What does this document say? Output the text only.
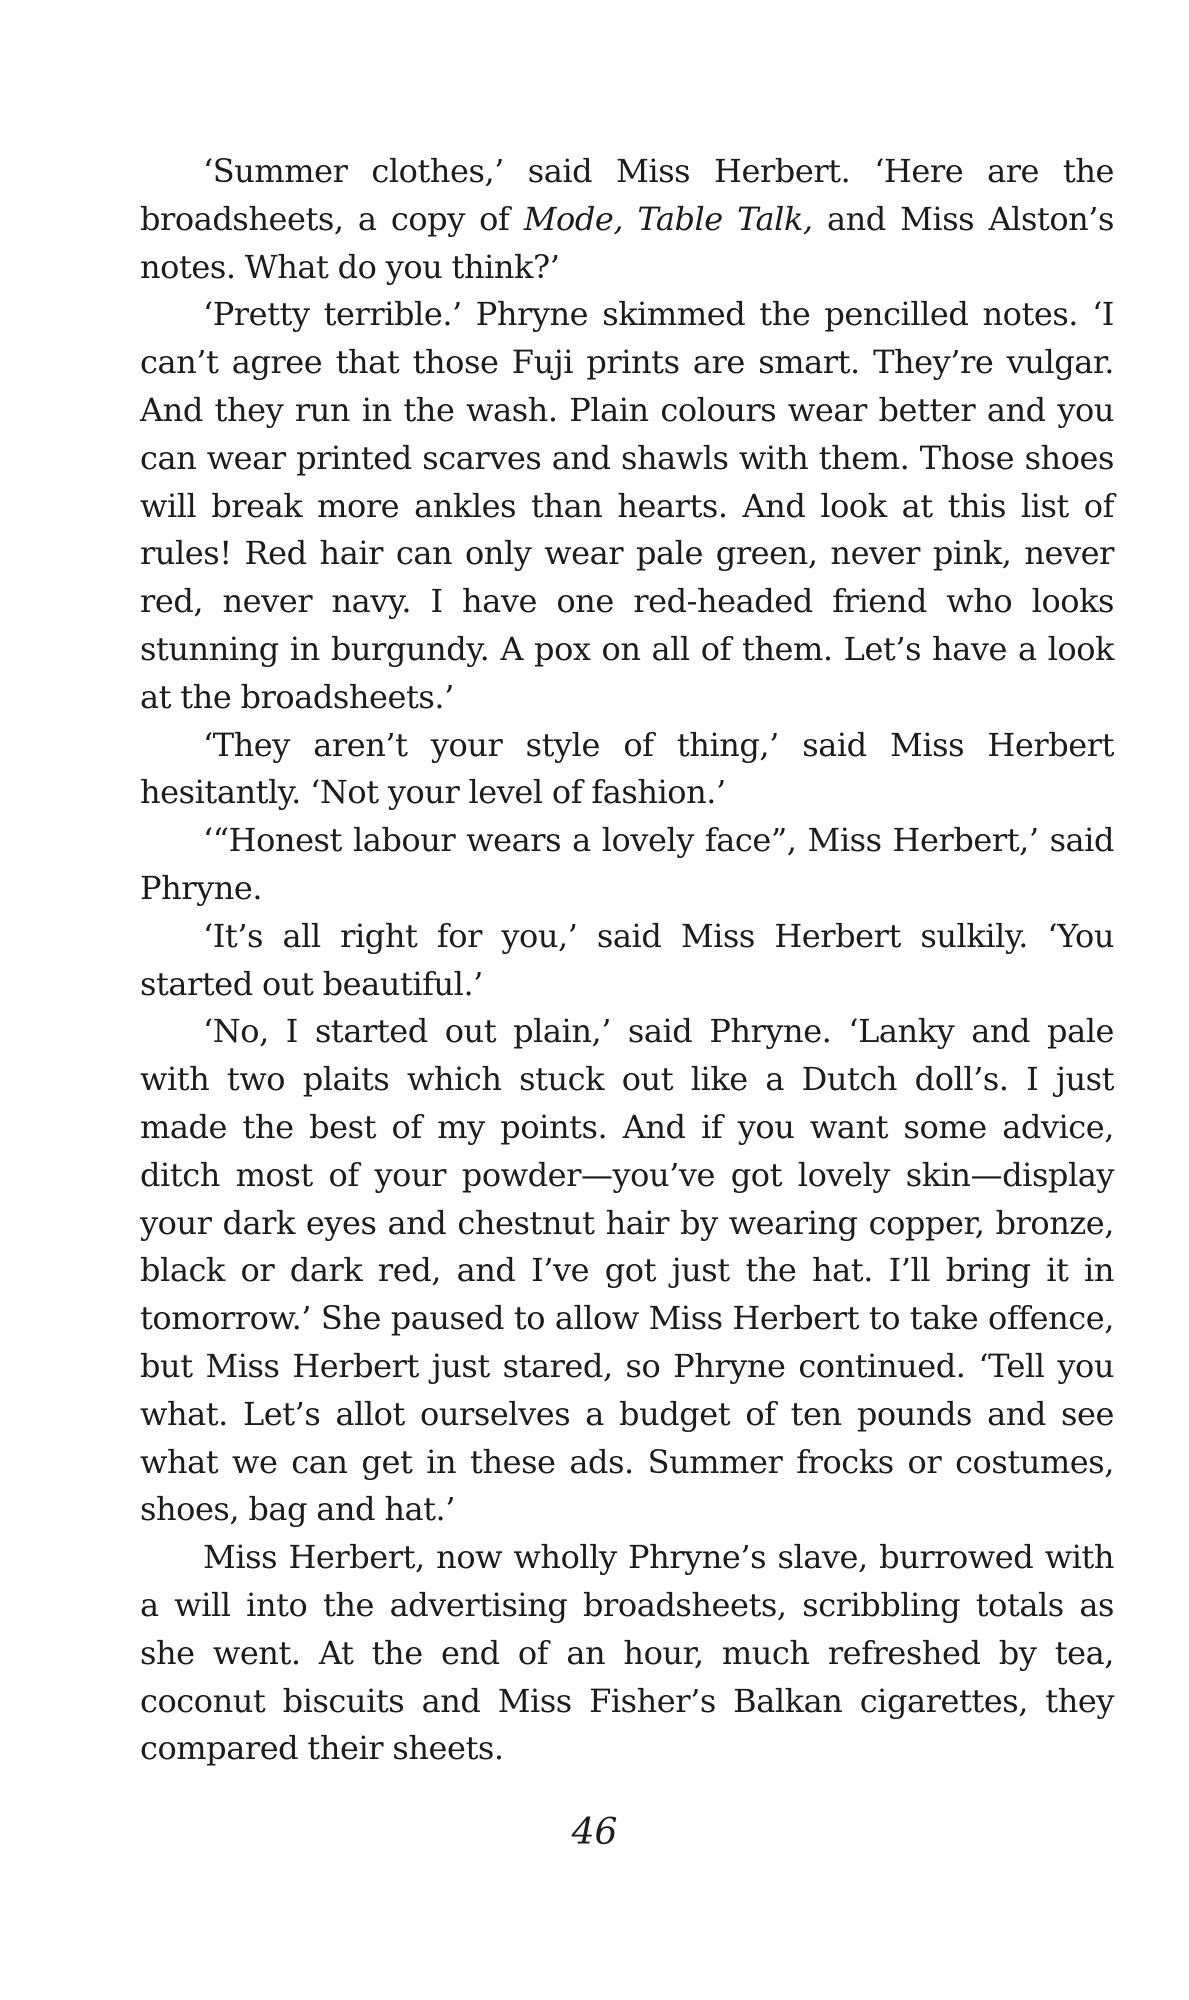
‘Summer clothes,’ said Miss Herbert. ‘Here are the broadsheets, a copy of Mode, Table Talk, and Miss Alston’s notes. What do you think?’

‘Pretty terrible.’ Phryne skimmed the pencilled notes. ‘I can’t agree that those Fuji prints are smart. They’re vulgar. And they run in the wash. Plain colours wear better and you can wear printed scarves and shawls with them. Those shoes will break more ankles than hearts. And look at this list of rules! Red hair can only wear pale green, never pink, never red, never navy. I have one red-headed friend who looks stunning in burgundy. A pox on all of them. Let’s have a look at the broadsheets.’

‘They aren’t your style of thing,’ said Miss Herbert hesitantly. ‘Not your level of fashion.’

‘“Honest labour wears a lovely face”, Miss Herbert,’ said Phryne.

‘It’s all right for you,’ said Miss Herbert sulkily. ‘You started out beautiful.’

‘No, I started out plain,’ said Phryne. ‘Lanky and pale with two plaits which stuck out like a Dutch doll’s. I just made the best of my points. And if you want some advice, ditch most of your powder—you’ve got lovely skin—display your dark eyes and chestnut hair by wearing copper, bronze, black or dark red, and I’ve got just the hat. I’ll bring it in tomorrow.’ She paused to allow Miss Herbert to take offence, but Miss Herbert just stared, so Phryne continued. ‘Tell you what. Let’s allot ourselves a budget of ten pounds and see what we can get in these ads. Summer frocks or costumes, shoes, bag and hat.’

Miss Herbert, now wholly Phryne’s slave, burrowed with a will into the advertising broadsheets, scribbling totals as she went. At the end of an hour, much refreshed by tea, coconut biscuits and Miss Fisher’s Balkan cigarettes, they compared their sheets.

46
